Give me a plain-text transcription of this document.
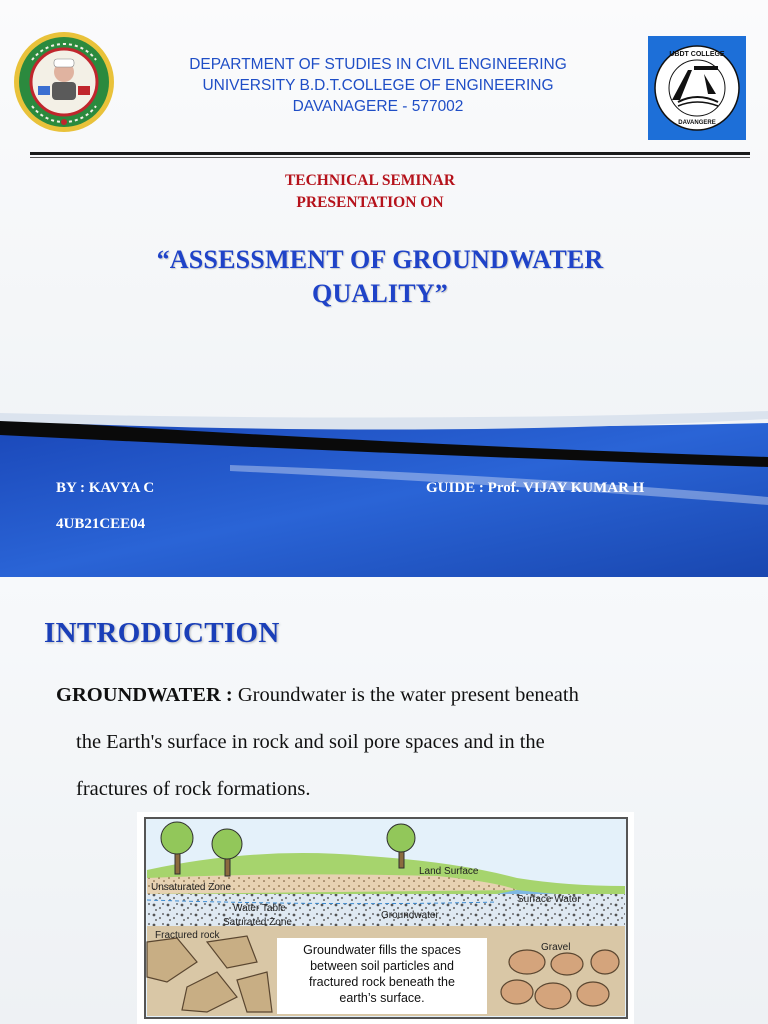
DEPARTMENT OF STUDIES IN CIVIL ENGINEERING
UNIVERSITY B.D.T.COLLEGE OF ENGINEERING
DAVANAGERE - 577002
UBDT COLLEGE
DAVANGERE
TECHNICAL SEMINAR
PRESENTATION ON
“ASSESSMENT OF GROUNDWATER
QUALITY”
BY : KAVYA C
4UB21CEE04
GUIDE : Prof. VIJAY KUMAR H
INTRODUCTION
GROUNDWATER : Groundwater is the water present beneath
the Earth's surface in rock and soil pore spaces and in the
fractures of rock formations.
Land Surface
Unsaturated Zone
Surface Water
Water Table
Groundwater
Saturated Zone
Fractured rock
Gravel
Groundwater fills the spaces
between soil particles and
fractured rock beneath the
earth’s surface.
